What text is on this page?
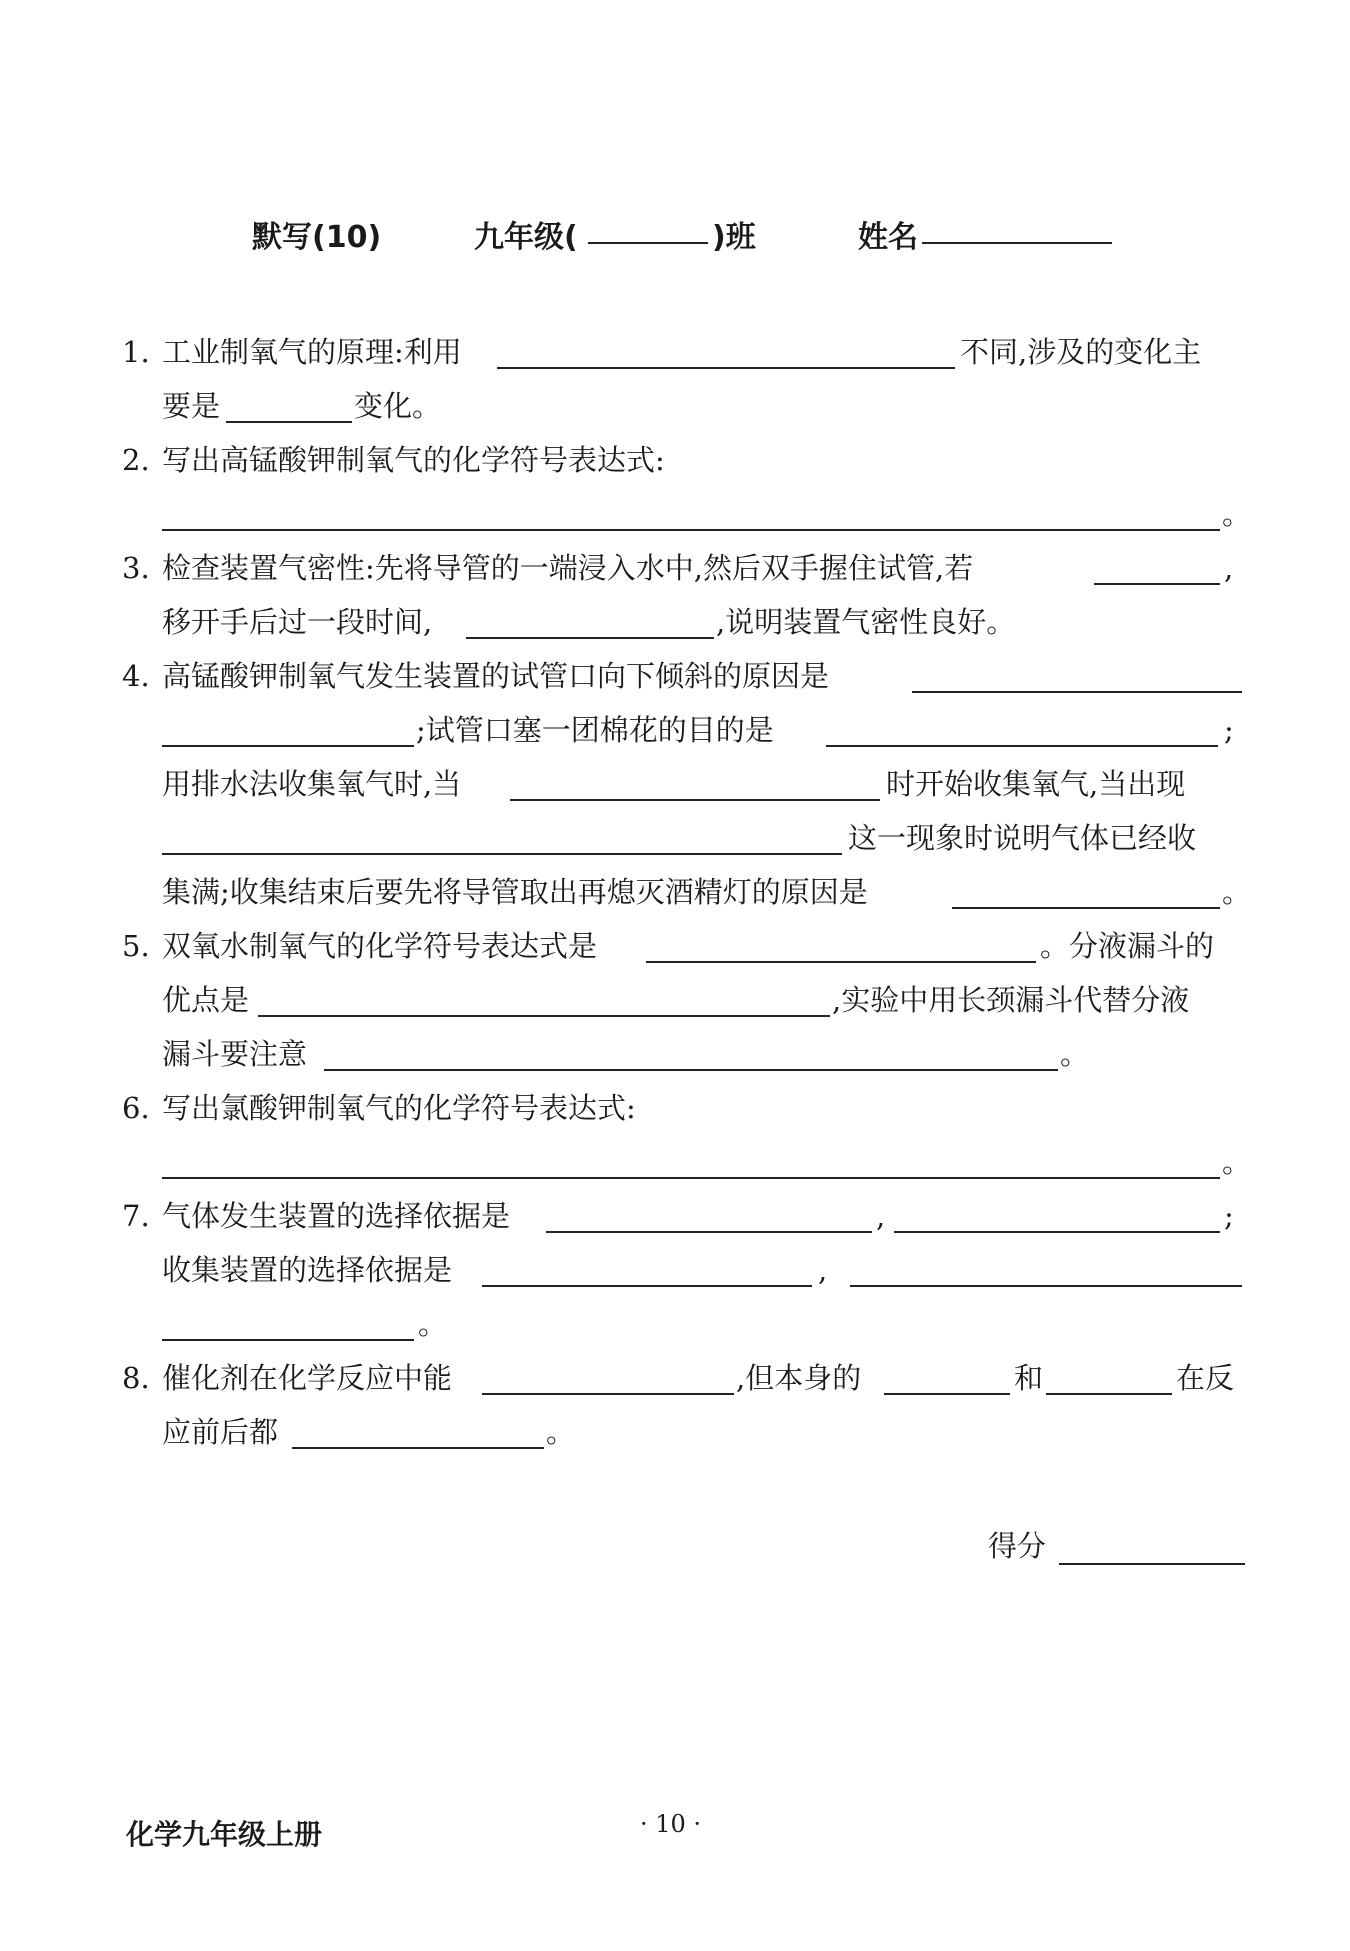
默写(10)	九年级(	)班	姓名
1. 工业制氧气的原理:利用	不同,涉及的变化主
要是	变化。
2. 写出高锰酸钾制氧气的化学符号表达式:
。
3. 检查装置气密性:先将导管的一端浸入水中,然后双手握住试管,若	,
移开手后过一段时间,	,说明装置气密性良好。
4. 高锰酸钾制氧气发生装置的试管口向下倾斜的原因是
;试管口塞一团棉花的目的是	;
用排水法收集氧气时,当	时开始收集氧气,当出现
这一现象时说明气体已经收
集满;收集结束后要先将导管取出再熄灭酒精灯的原因是	。
5. 双氧水制氧气的化学符号表达式是	。分液漏斗的
优点是	,实验中用长颈漏斗代替分液
漏斗要注意	。
6. 写出氯酸钾制氧气的化学符号表达式:
。
7. 气体发生装置的选择依据是	,	;
收集装置的选择依据是	,
。
8. 催化剂在化学反应中能	,但本身的	和	在反
应前后都	。
得分
化学九年级上册	· 10 ·
